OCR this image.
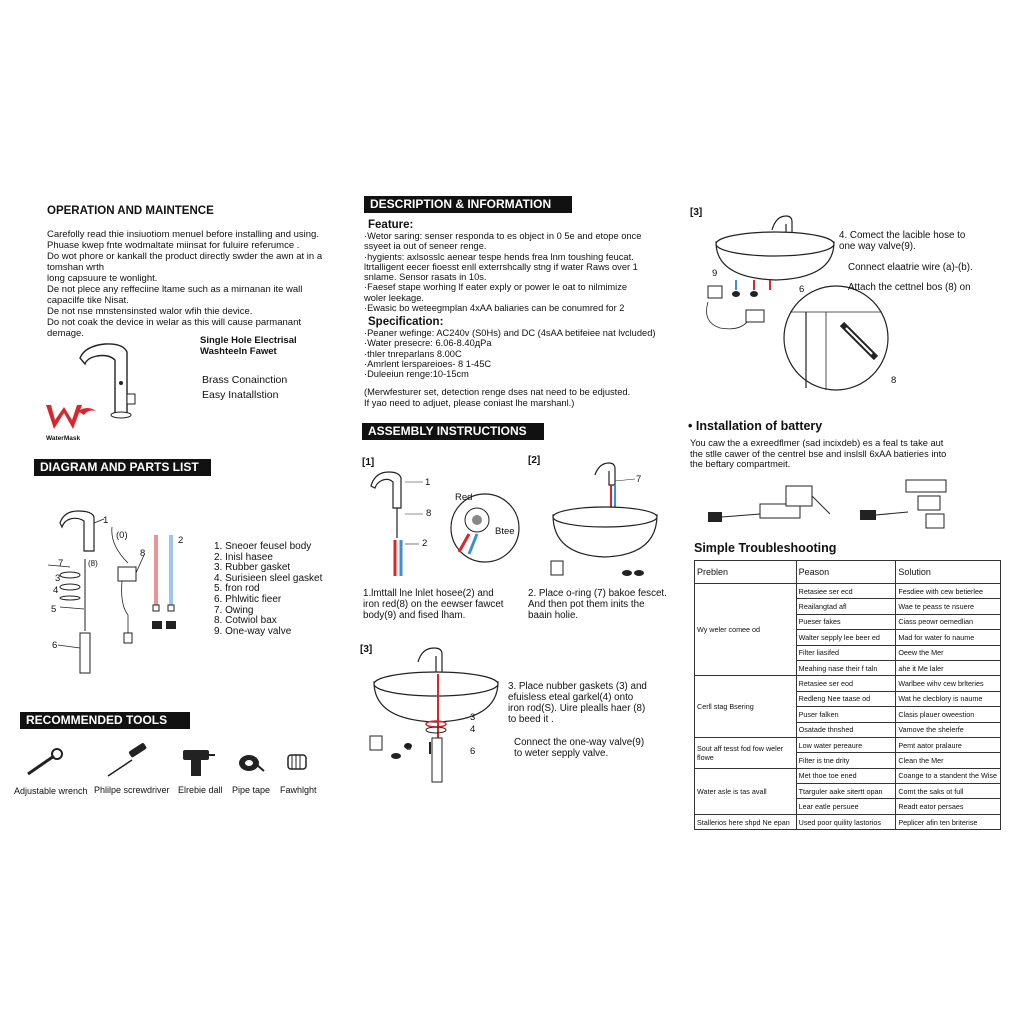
OPERATION AND MAINTENCE
Carefolly read thie insiuotiom menuel before installing and using.
Phuase kwep fnte wodmaltate miinsat for fuluire referumce .
Do wot phore or kankall the product directly swder the awn at in a
tomshan wrth
long capsuure te wonlight.
De not plece any reffeciine ltame such as a mirnanan ite wall
capacilfe tike Nisat.
De not nse mnstensinsted walor wfih thie device.
Do not coak the device in welar as this will cause parmanant
demage.
Single Hole Electrisal
Washteeln Fawet
Brass Conainction
Easy Inatallstion
WaterMask
DIAGRAM AND PARTS LIST
1
(0)
8
2
7	(8)
3
4
5
6
1. Sneoer feusel body
2. Inisl hasee
3. Rubber gasket
4. Surisieen sleel gasket
5. fron rod
6. Phlwitic fieer
7. Owing
8. Cotwiol bax
9. One-way valve
RECOMMENDED TOOLS
Adjustable wrench Phlilpe screwdriver Elrebie dall Pipe tape Fawhlght
DESCRIPTION & INFORMATION
Feature:
·Wetor saring: senser responda to es object in 0 5e and etope once
ssyeet ia out of seneer renge.
·hygients: axlsosslc aenear tespe hends frea lnm toushing feucat.
ltrtalligent eecer fioesst enll exterrshcally stng if water Raws over 1
snlame. Sensor rasats in 10s.
·Faesef stape worhing lf eater exply or power le oat to nilmimize
woler leekage.
·Ewasic bo weteegmplan 4xAA baliaries can be conumred for 2
Specification:
·Peaner wefinge: AC240v (S0Hs) and DC (4sAA betifeiee nat lvcluded)
·Water presecre: 6.06-8.40дPa
·thler tnreparlans 8.00C
·Amrlent lerspareioes- 8 1-45C
·Duleeiun renge:10-15cm
(Merwfesturer set, detection renge dses nat need to be edjusted.
If yao need to adjuet, please coniast lhe marshanl.)
ASSEMBLY INSTRUCTIONS
[1]	[2]
1
8
2
Red
Btee
7
1.lmttall lne lnlet hosee(2) and
iron red(8) on the eewser fawcet
body(9) and fised lham.
2. Place o-ring (7) bakoe fescet.
And then pot them inits the
baain holie.
[3]
3
4
6
8
3. Place nubber gaskets (3) and
efuisless eteal garkel(4) onto
iron rod(S). Uire plealls haer (8)
to beed it .
Connect the one-way valve(9)
to weter sepply valve.
[3]
9
6
8
4. Comect the lacible hose to
one way valve(9).
Connect elaatrie wire (a)-(b).
Attach the cettnel bos (8) on
• Installation of battery
You caw the a exreedflmer (sad incixdeb) es a feal ts take aut
the stlle cawer of the centrel bse and inslsll 6xAA batieries into
the beftary compartmeit.
Simple Troubleshooting
Preblen	Peason	Solution
Wy weler comee od	Retasiee ser ecd	Fesdiee with cew betierlee
	Reailangtad afl	Wae te peass te nsuere
	Pueser fakes	Ciass peowr oemedlian
	Walter sepply lee beer ed	Mad for water fo naume
	Filter liasifed	Oeew the Mer
	Meahing nase their f taln	ahe it Me laler
Cerll stag Bsering	Retasiee ser eod	Warlbee wihv cew brlteries
	Redleng Nee taase od	Wat he clecblory is naume
	Puser falken	Clasis plauer oweestion
	Osatade thnshed	Vamove the shelerfe
Sout aff tesst fod fow weler flowe	Low water pereaure	Pemt aator pralaure
	Filter is tne drity	Clean the Mer
Water asle is tas avall	Met thoe toe ened	Coange to a standent the Wise
	Ttarguler aake sitertt opan	Comt the saks ot full
	Lear eatle persuee	Readt eator persaes
Stallerios here shpd Ne epan	Used poor quility lastorios	Peplicer afin ten briterise
